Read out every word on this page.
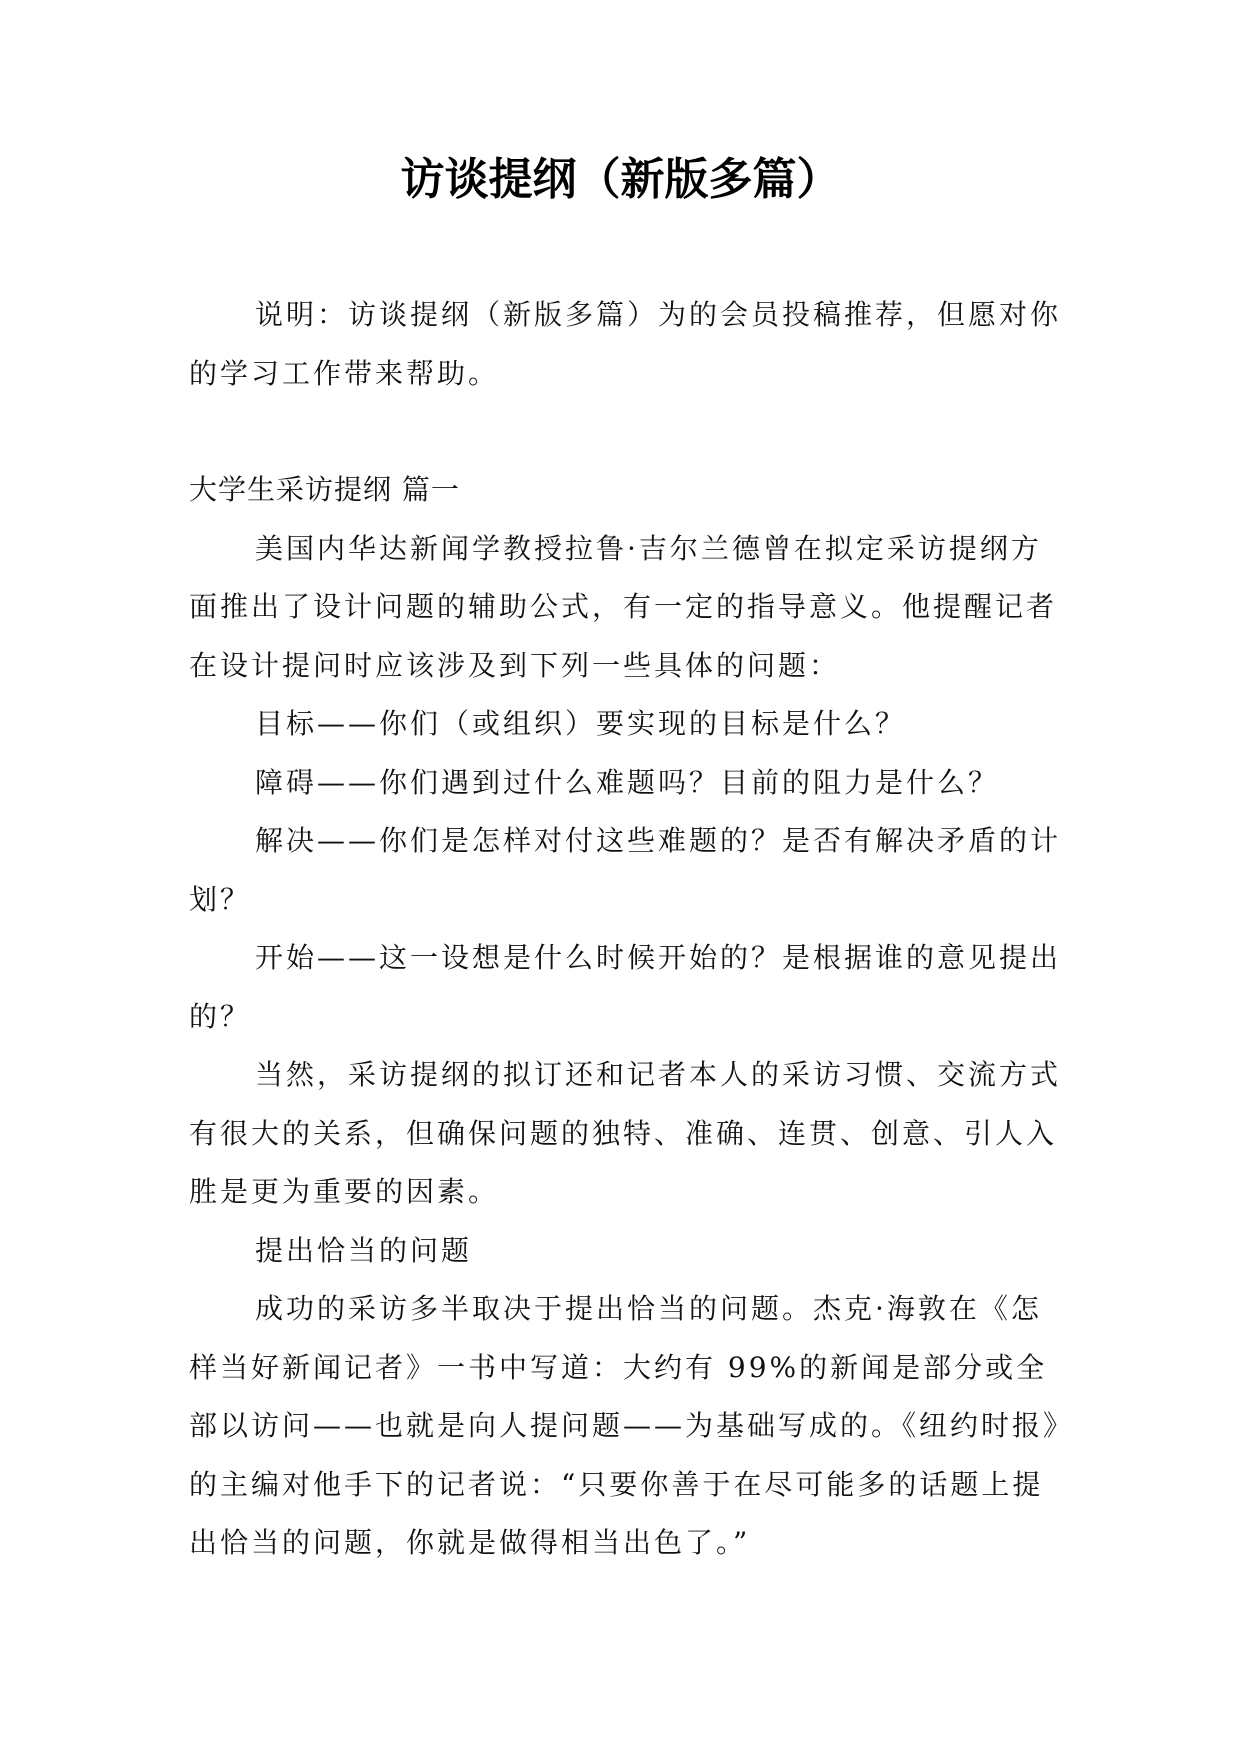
访谈提纲（新版多篇）

说明：访谈提纲（新版多篇）为的会员投稿推荐，但愿对你的学习工作带来帮助。

大学生采访提纲 篇一

美国内华达新闻学教授拉鲁·吉尔兰德曾在拟定采访提纲方面推出了设计问题的辅助公式，有一定的指导意义。他提醒记者在设计提问时应该涉及到下列一些具体的问题：

目标——你们（或组织）要实现的目标是什么？

障碍——你们遇到过什么难题吗？目前的阻力是什么？

解决——你们是怎样对付这些难题的？是否有解决矛盾的计划？

开始——这一设想是什么时候开始的？是根据谁的意见提出的？

当然，采访提纲的拟订还和记者本人的采访习惯、交流方式有很大的关系，但确保问题的独特、准确、连贯、创意、引人入胜是更为重要的因素。

提出恰当的问题

成功的采访多半取决于提出恰当的问题。杰克·海敦在《怎样当好新闻记者》一书中写道：大约有 99%的新闻是部分或全部以访问——也就是向人提问题——为基础写成的。《纽约时报》的主编对他手下的记者说：“只要你善于在尽可能多的话题上提出恰当的问题，你就是做得相当出色了。”
